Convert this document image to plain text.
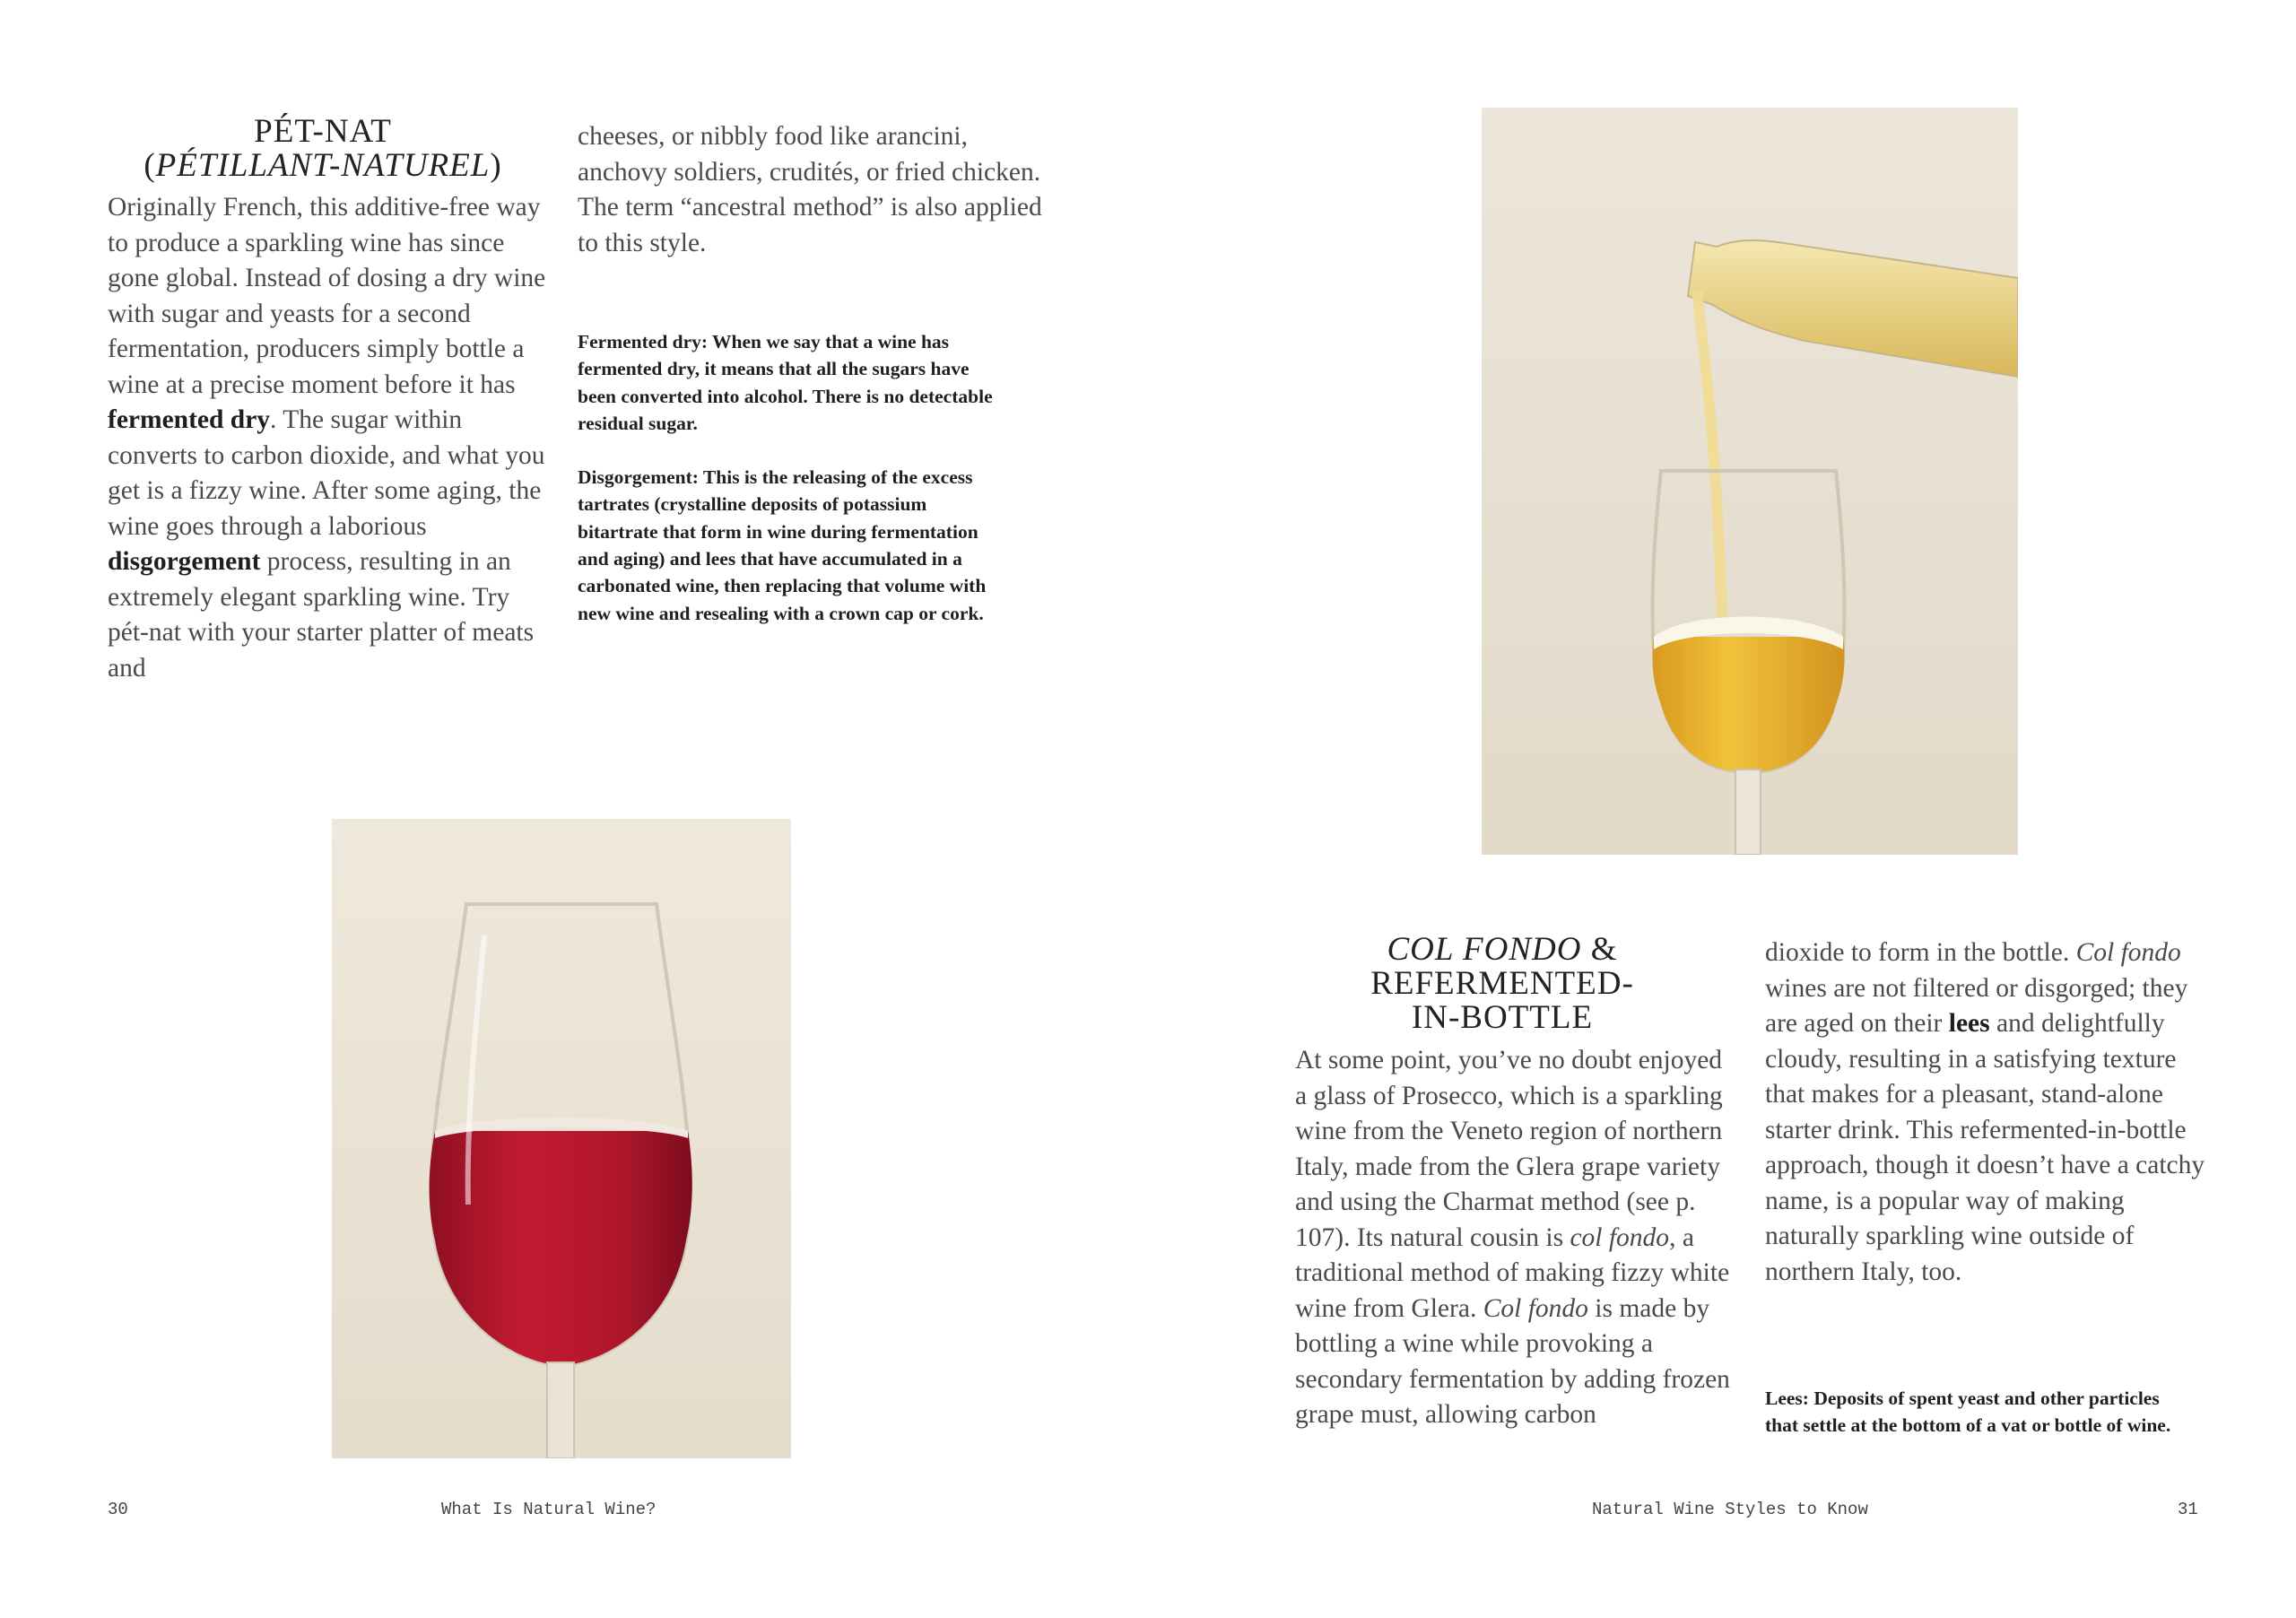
PÉT-NAT
(PÉTILLANT-NATUREL)
Originally French, this additive-free way to produce a sparkling wine has since gone global. Instead of dosing a dry wine with sugar and yeasts for a second fermentation, producers simply bottle a wine at a precise moment before it has fermented dry. The sugar within converts to carbon dioxide, and what you get is a fizzy wine. After some aging, the wine goes through a laborious disgorgement process, resulting in an extremely elegant sparkling wine. Try pét-nat with your starter platter of meats and
cheeses, or nibbly food like arancini, anchovy soldiers, crudités, or fried chicken. The term “ancestral method” is also applied to this style.

Fermented dry: When we say that a wine has fermented dry, it means that all the sugars have been converted into alcohol. There is no detectable residual sugar.

Disgorgement: This is the releasing of the excess tartrates (crystalline deposits of potassium bitartrate that form in wine during fermentation and aging) and lees that have accumulated in a carbonated wine, then replacing that volume with new wine and resealing with a crown cap or cork.

30	What Is Natural Wine?
COL FONDO &
REFERMENTED-
IN-BOTTLE
At some point, you’ve no doubt enjoyed a glass of Prosecco, which is a sparkling wine from the Veneto region of northern Italy, made from the Glera grape variety and using the Charmat method (see p. 107). Its natural cousin is col fondo, a traditional method of making fizzy white wine from Glera. Col fondo is made by bottling a wine while provoking a secondary fermentation by adding frozen grape must, allowing carbon
dioxide to form in the bottle. Col fondo wines are not filtered or disgorged; they are aged on their lees and delightfully cloudy, resulting in a satisfying texture that makes for a pleasant, stand-alone starter drink. This refermented-in-bottle approach, though it doesn’t have a catchy name, is a popular way of making naturally sparkling wine outside of northern Italy, too.
Lees: Deposits of spent yeast and other particles that settle at the bottom of a vat or bottle of wine.
Natural Wine Styles to Know	31
